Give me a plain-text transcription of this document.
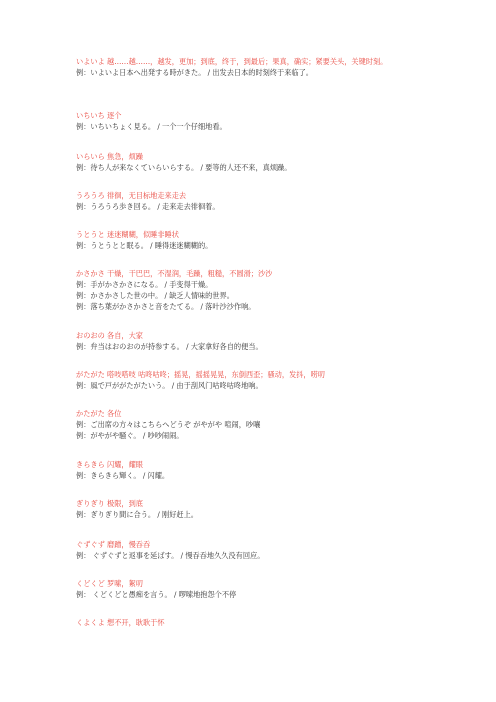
いよいよ 越……越……，越发，更加；到底，终于，到最后；果真，确实；紧要关头，关键时刻。
例：いよいよ日本へ出発する時がきた。 / 出发去日本的时刻终于来临了。
いちいち 逐个
例：いちいちょく見る。 / 一个一个仔细地看。
いらいら 焦急，烦躁
例：待ち人が来なくていらいらする。 / 要等的人还不来，真烦躁。
うろうろ 徘徊，无目标地走来走去
例：うろうろ歩き回る。 / 走来走去徘徊着。
うとうと 迷迷糊糊，似睡非睡状
例：うとうとと眠る。 / 睡得迷迷糊糊的。
かさかさ 干燥，干巴巴，不湿润，毛躁，粗糙，不圆滑；沙沙
例：手がかさかさになる。 / 手变得干燥。
例：かさかさした世の中。 / 缺乏人情味的世界。
例：落ち葉がかさかさと音をたてる。 / 落叶沙沙作响。
おのおの 各自，大家
例：弁当はおのおのが持参する。 / 大家拿好各自的便当。
がたがた 嗒吱嗒吱 咕咚咕咚；摇晃，摇摇晃晃，东倒西歪；骚动，发抖，唠叨
例：風で戸ががたがたいう。 / 由于刮风门咕咚咕咚地响。
かたがた 各位
例：ご出席の方々はこちらへどうぞ がやがや 喧闹，吵嚷
例：がやがや騒ぐ。 / 吵吵闹闹。
きらきら 闪耀，耀眼
例：きらきら輝く。 / 闪耀。
ぎりぎり 极限，到底
例：ぎりぎり間に合う。 / 刚好赶上。
ぐずぐず 磨蹭，慢吞吞
例： ぐずぐずと返事を延ばす。 / 慢吞吞地久久没有回应。
くどくど 罗嗦，絮叨
例： くどくどと愚痴を言う。 / 啰嗦地抱怨个不停
くよくよ 想不开，耿耿于怀
